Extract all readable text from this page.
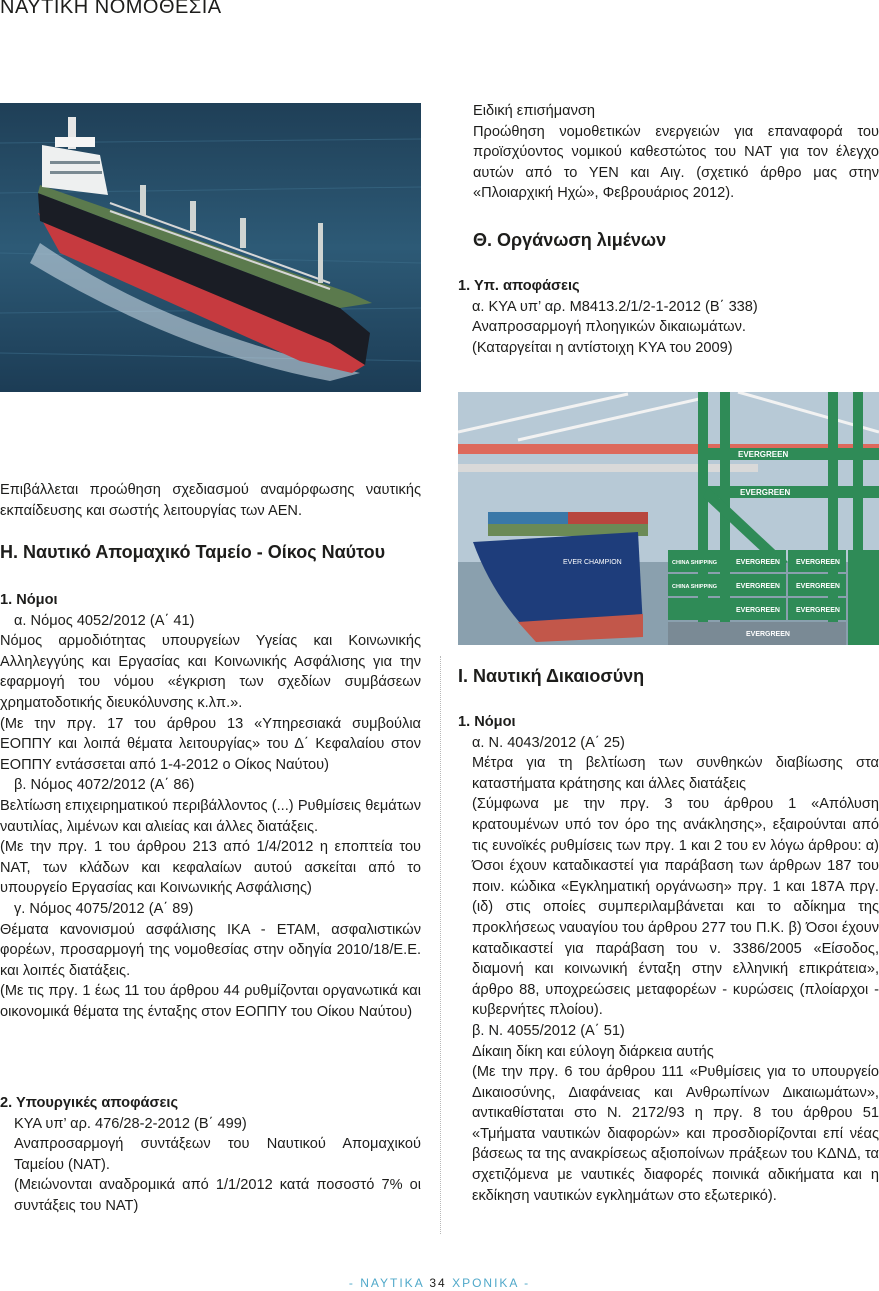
ΝΑΥΤΙΚΗ ΝΟΜΟΘΕΣΙΑ

Ειδική επισήμανση

Προώθηση νομοθετικών ενεργειών για επαναφορά του προϊσχύοντος νομικού καθεστώτος του ΝΑΤ για τον έλεγχο αυτών από το ΥΕΝ και Αιγ. (σχετικό άρθρο μας στην «Πλοιαρχική Ηχώ», Φεβρουάριος 2012).

Θ. Οργάνωση λιμένων

1. Υπ. αποφάσεις

α. ΚΥΑ υπ’ αρ. Μ8413.2/1/2-1-2012 (Β΄ 338)

Αναπροσαρμογή πλοηγικών δικαιωμάτων.

(Καταργείται η αντίστοιχη ΚΥΑ του 2009)

EVERGREEN
EVERGREEN
EVER CHAMPION	EVERGREEN EVERGREEN
EVERGREEN EVERGREEN
EVERGREEN EVERGREEN
EVERGREEN
CHINA SHIPPING
CHINA SHIPPING

Επιβάλλεται προώθηση σχεδιασμού αναμόρφωσης ναυτικής εκπαίδευσης και σωστής λειτουργίας των ΑΕΝ.

Η. Ναυτικό Απομαχικό Ταμείο - Οίκος Ναύτου

1. Νόμοι

α. Νόμος 4052/2012 (Α΄ 41)

Νόμος αρμοδιότητας υπουργείων Υγείας και Κοινωνικής Αλληλεγγύης και Εργασίας και Κοινωνικής Ασφάλισης για την εφαρμογή του νόμου «έγκριση των σχεδίων συμβάσεων χρηματοδοτικής διευκόλυνσης κ.λπ.».

(Με την πργ. 17 του άρθρου 13 «Υπηρεσιακά συμβούλια ΕΟΠΠΥ και λοιπά θέματα λειτουργίας» του Δ΄ Κεφαλαίου στον ΕΟΠΠΥ εντάσσεται από 1-4-2012 ο Οίκος Ναύτου)

β. Νόμος 4072/2012 (Α΄ 86)

Βελτίωση επιχειρηματικού περιβάλλοντος (...) Ρυθμίσεις θεμάτων ναυτιλίας, λιμένων και αλιείας και άλλες διατάξεις.

(Με την πργ. 1 του άρθρου 213 από 1/4/2012 η εποπτεία του ΝΑΤ, των κλάδων και κεφαλαίων αυτού ασκείται από το υπουργείο Εργασίας και Κοινωνικής Ασφάλισης)

γ. Νόμος 4075/2012 (Α΄ 89)

Θέματα κανονισμού ασφάλισης ΙΚΑ - ΕΤΑΜ, ασφαλιστικών φορέων, προσαρμογή της νομοθεσίας στην οδηγία 2010/18/Ε.Ε. και λοιπές διατάξεις.

(Με τις πργ. 1 έως 11 του άρθρου 44 ρυθμίζονται οργανωτικά και οικονομικά θέματα της ένταξης στον ΕΟΠΠΥ του Οίκου Ναύτου)

2. Υπουργικές αποφάσεις

ΚΥΑ υπ’ αρ. 476/28-2-2012 (Β΄ 499)

Αναπροσαρμογή συντάξεων του Ναυτικού Απομαχικού Ταμείου (ΝΑΤ).

(Μειώνονται αναδρομικά από 1/1/2012 κατά ποσοστό 7% οι συντάξεις του ΝΑΤ)

Ι. Ναυτική Δικαιοσύνη

1. Νόμοι

α. Ν. 4043/2012 (Α΄ 25)

Μέτρα για τη βελτίωση των συνθηκών διαβίωσης στα καταστήματα κράτησης και άλλες διατάξεις

(Σύμφωνα με την πργ. 3 του άρθρου 1 «Απόλυση κρατουμένων υπό τον όρο της ανάκλησης», εξαιρούνται από τις ευνοϊκές ρυθμίσεις των πργ. 1 και 2 του εν λόγω άρθρου: α) Όσοι έχουν καταδικαστεί για παράβαση των άρθρων 187 του ποιν. κώδικα «Εγκληματική οργάνωση» πργ. 1 και 187Α πργ. (ιδ) στις οποίες συμπεριλαμβάνεται και το αδίκημα της προκλήσεως ναυαγίου του άρθρου 277 του Π.Κ. β) Όσοι έχουν καταδικαστεί για παράβαση του ν. 3386/2005 «Είσοδος, διαμονή και κοινωνική ένταξη στην ελληνική επικράτεια», άρθρο 88, υποχρεώσεις μεταφορέων - κυρώσεις (πλοίαρχοι - κυβερνήτες πλοίου).

β. Ν. 4055/2012 (Α΄ 51)

Δίκαιη δίκη και εύλογη διάρκεια αυτής

(Με την πργ. 6 του άρθρου 111 «Ρυθμίσεις για το υπουργείο Δικαιοσύνης, Διαφάνειας και Ανθρωπίνων Δικαιωμάτων», αντικαθίσταται στο Ν. 2172/93 η πργ. 8 του άρθρου 51 «Τμήματα ναυτικών διαφορών» και προσδιορίζονται επί νέας βάσεως τα της ανακρίσεως αξιοποίνων πράξεων του ΚΔΝΔ, τα σχετιζόμενα με ναυτικές διαφορές ποινικά αδικήματα και η εκδίκηση ναυτικών εγκλημάτων στο εξωτερικό).

- ΝΑΥΤΙΚΑ 34 ΧΡΟΝΙΚΑ -
